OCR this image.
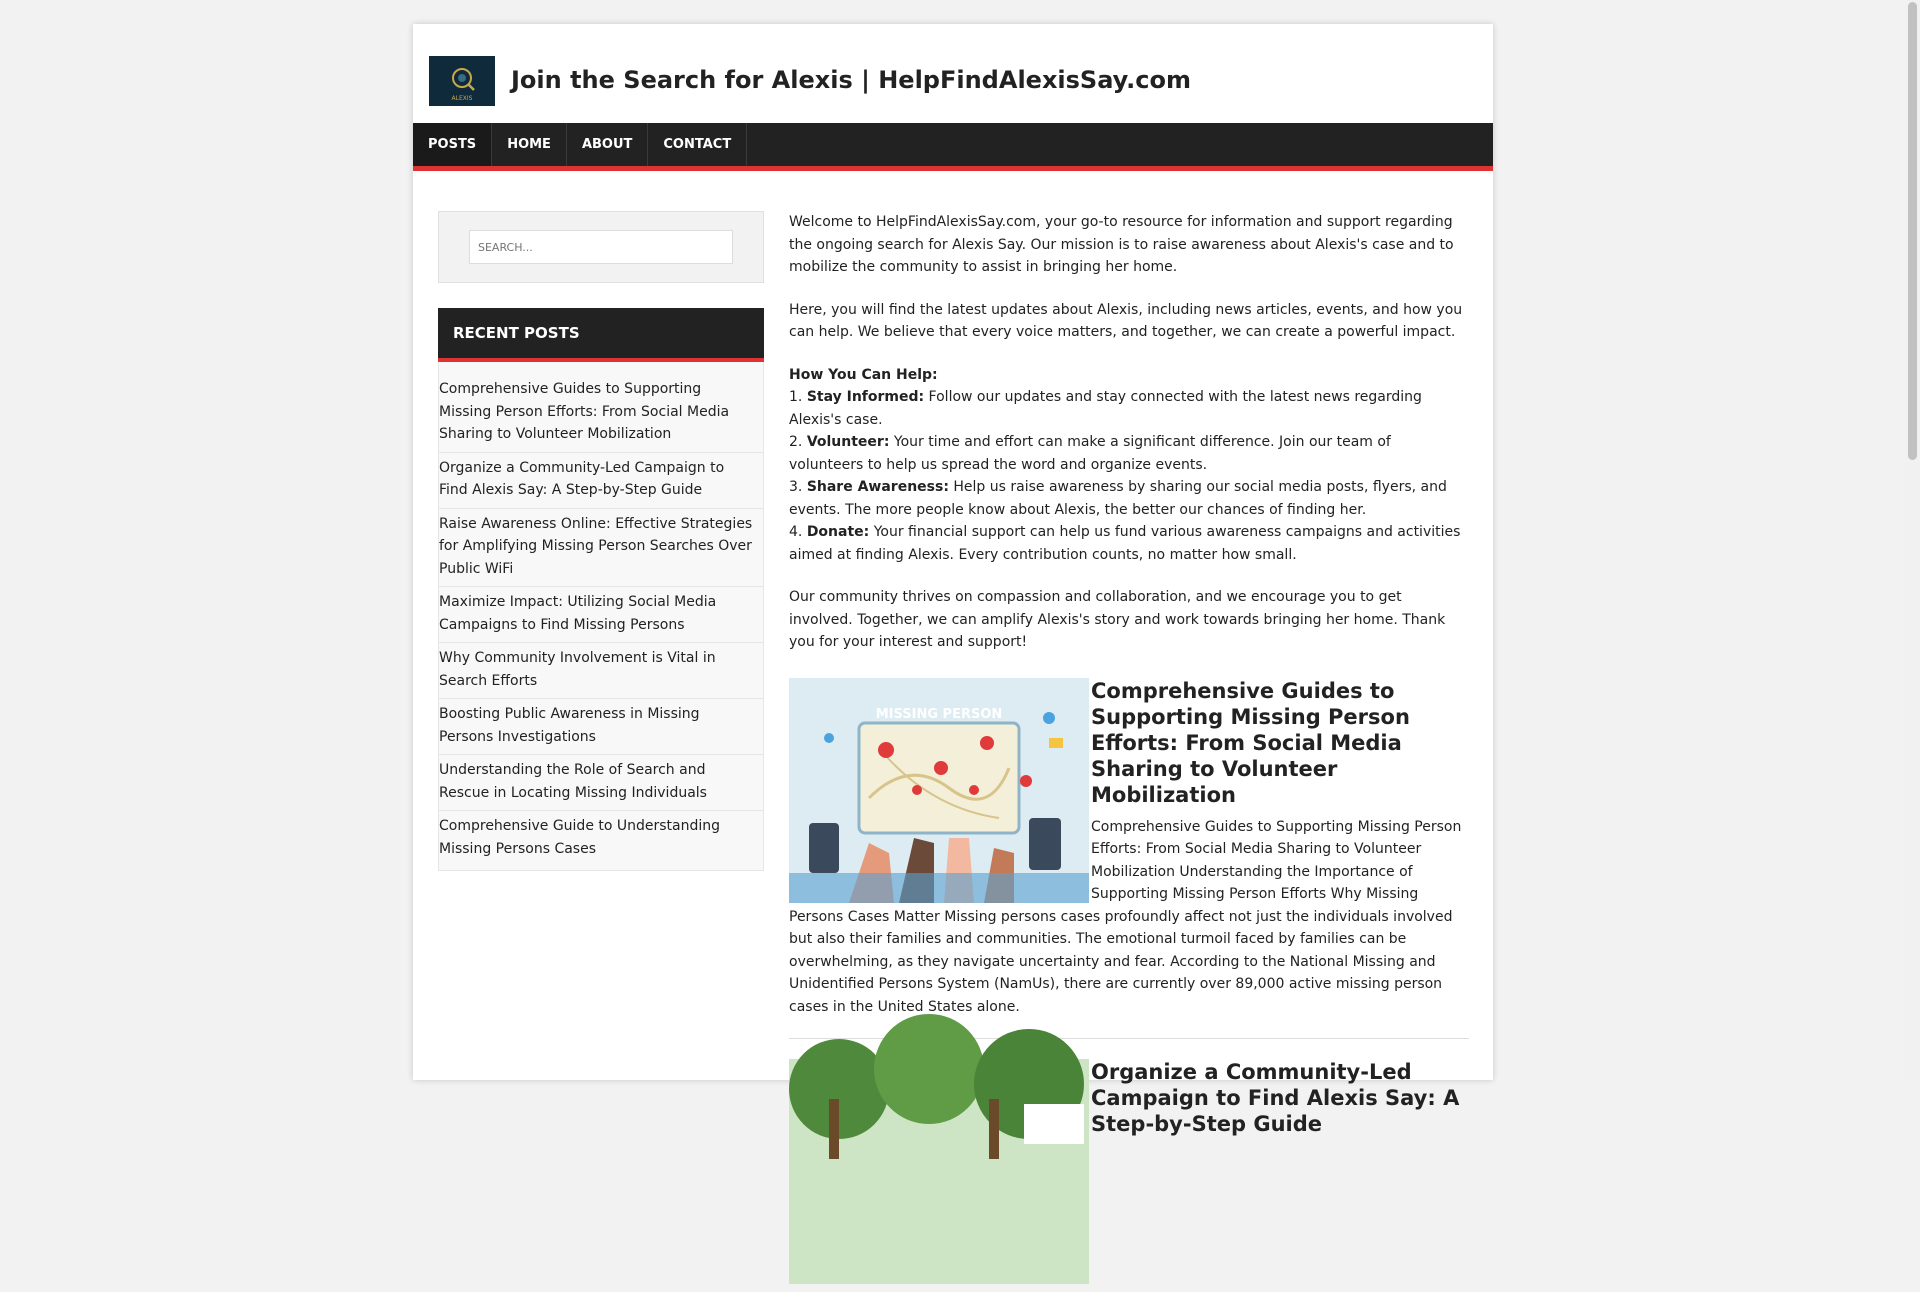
ALEXIS
Join the Search for Alexis | HelpFindAlexisSay.com
POSTS	HOME	ABOUT	CONTACT
SEARCH...
RECENT POSTS
Comprehensive Guides to Supporting Missing Person Efforts: From Social Media Sharing to Volunteer Mobilization
Organize a Community-Led Campaign to Find Alexis Say: A Step-by-Step Guide
Raise Awareness Online: Effective Strategies for Amplifying Missing Person Searches Over Public WiFi
Maximize Impact: Utilizing Social Media Campaigns to Find Missing Persons
Why Community Involvement is Vital in Search Efforts
Boosting Public Awareness in Missing Persons Investigations
Understanding the Role of Search and Rescue in Locating Missing Individuals
Comprehensive Guide to Understanding Missing Persons Cases

Welcome to HelpFindAlexisSay.com, your go-to resource for information and support regarding the ongoing search for Alexis Say. Our mission is to raise awareness about Alexis's case and to mobilize the community to assist in bringing her home.

Here, you will find the latest updates about Alexis, including news articles, events, and how you can help. We believe that every voice matters, and together, we can create a powerful impact.

How You Can Help:
1. Stay Informed: Follow our updates and stay connected with the latest news regarding Alexis's case.
2. Volunteer: Your time and effort can make a significant difference. Join our team of volunteers to help us spread the word and organize events.
3. Share Awareness: Help us raise awareness by sharing our social media posts, flyers, and events. The more people know about Alexis, the better our chances of finding her.
4. Donate: Your financial support can help us fund various awareness campaigns and activities aimed at finding Alexis. Every contribution counts, no matter how small.

Our community thrives on compassion and collaboration, and we encourage you to get involved. Together, we can amplify Alexis's story and work towards bringing her home. Thank you for your interest and support!

MISSING PERSON
Comprehensive Guides to Supporting Missing Person Efforts: From Social Media Sharing to Volunteer Mobilization
Comprehensive Guides to Supporting Missing Person Efforts: From Social Media Sharing to Volunteer Mobilization Understanding the Importance of Supporting Missing Person Efforts Why Missing Persons Cases Matter Missing persons cases profoundly affect not just the individuals involved but also their families and communities. The emotional turmoil faced by families can be overwhelming, as they navigate uncertainty and fear. According to the National Missing and Unidentified Persons System (NamUs), there are currently over 89,000 active missing person cases in the United States alone.
Organize a Community-Led Campaign to Find Alexis Say: A Step-by-Step Guide
